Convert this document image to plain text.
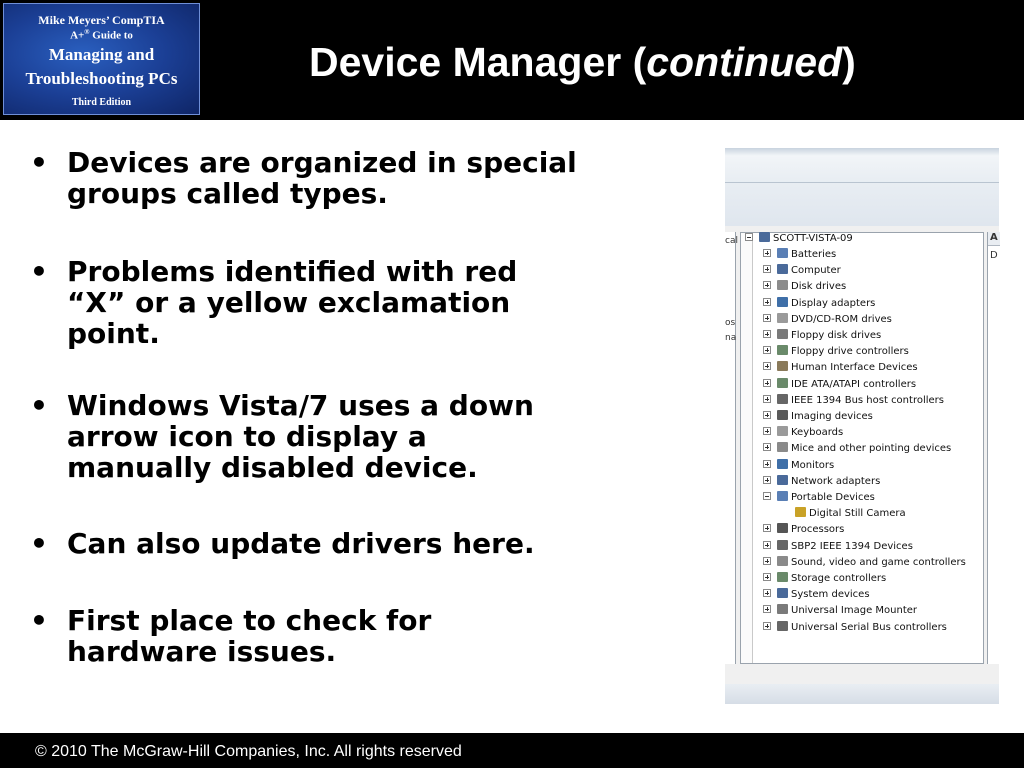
Mike Meyers’ CompTIA
A+® Guide to
Managing and
Troubleshooting PCs
Third Edition
Device Manager (continued)
• Devices are organized in special
groups called types.
• Problems identified with red
“X” or a yellow exclamation
point.
• Windows Vista/7 uses a down
arrow icon to display a
manually disabled device.
• Can also update drivers here.
• First place to check for
hardware issues.
cal
os
na
A
D
SCOTT-VISTA-09
Batteries
Computer
Disk drives
Display adapters
DVD/CD-ROM drives
Floppy disk drives
Floppy drive controllers
Human Interface Devices
IDE ATA/ATAPI controllers
IEEE 1394 Bus host controllers
Imaging devices
Keyboards
Mice and other pointing devices
Monitors
Network adapters
Portable Devices
Digital Still Camera
Processors
SBP2 IEEE 1394 Devices
Sound, video and game controllers
Storage controllers
System devices
Universal Image Mounter
Universal Serial Bus controllers
© 2010 The McGraw-Hill Companies, Inc. All rights reserved
